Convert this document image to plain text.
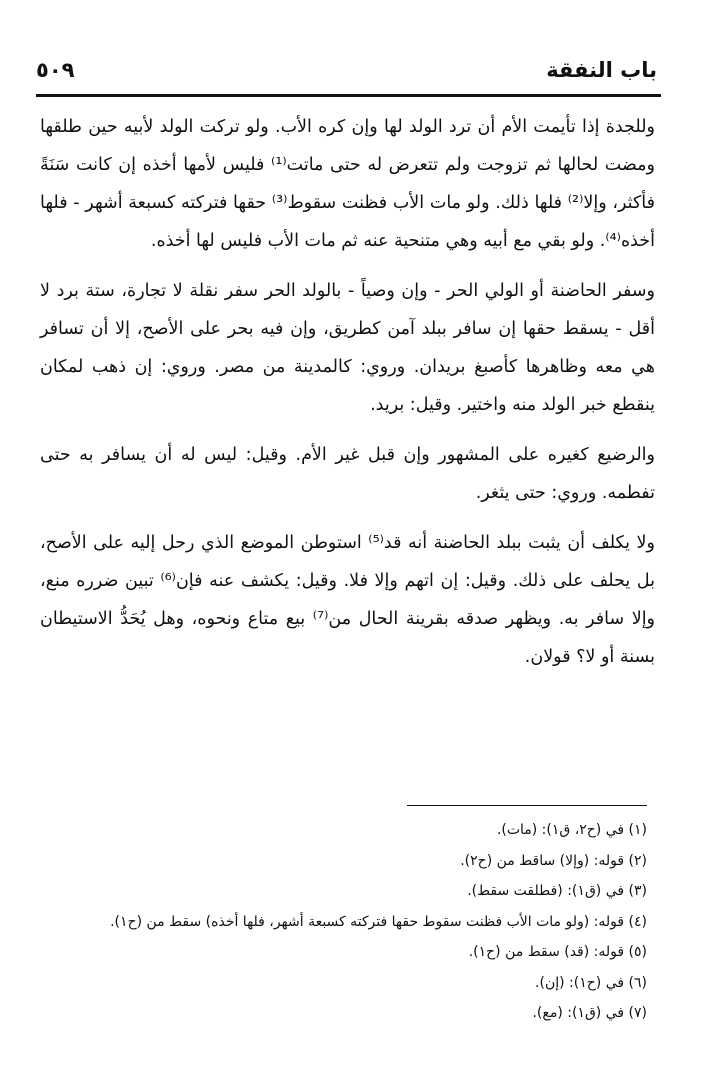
باب النفقة
٥٠٩

وللجدة إذا تأيمت الأم أن ترد الولد لها وإن كره الأب. ولو تركت الولد لأبيه حين طلقها ومضت لحالها ثم تزوجت ولم تتعرض له حتى ماتت⁽¹⁾ فليس لأمها أخذه إن كانت سَنَةً فأكثر، وإلا⁽²⁾ فلها ذلك. ولو مات الأب فظنت سقوط⁽³⁾ حقها فتركته كسبعة أشهر - فلها أخذه⁽⁴⁾. ولو بقي مع أبيه وهي متنحية عنه ثم مات الأب فليس لها أخذه.

وسفر الحاضنة أو الولي الحر - وإن وصياً - بالولد الحر سفر نقلة لا تجارة، ستة برد لا أقل - يسقط حقها إن سافر ببلد آمن كطريق، وإن فيه بحر على الأصح، إلا أن تسافر هي معه وظاهرها كأصبغ بريدان. وروي: كالمدينة من مصر. وروي: إن ذهب لمكان ينقطع خبر الولد منه واختير. وقيل: بريد.

والرضيع كغيره على المشهور وإن قبل غير الأم. وقيل: ليس له أن يسافر به حتى تفطمه. وروي: حتى يثغر.

ولا يكلف أن يثبت ببلد الحاضنة أنه قد⁽⁵⁾ استوطن الموضع الذي رحل إليه على الأصح، بل يحلف على ذلك. وقيل: إن اتهم وإلا فلا. وقيل: يكشف عنه فإن⁽⁶⁾ تبين ضرره منع، وإلا سافر به. ويظهر صدقه بقرينة الحال من⁽⁷⁾ بيع متاع ونحوه، وهل يُحَدُّ الاستيطان بسنة أو لا؟ قولان.

(١) في (ح٢، ق١): (مات).
(٢) قوله: (وإلا) ساقط من (ح٢).
(٣) في (ق١): (فطلقت سقط).
(٤) قوله: (ولو مات الأب فظنت سقوط حقها فتركته كسبعة أشهر، فلها أخذه) سقط من (ح١).
(٥) قوله: (قد) سقط من (ح١).
(٦) في (ح١): (إن).
(٧) في (ق١): (مع).
